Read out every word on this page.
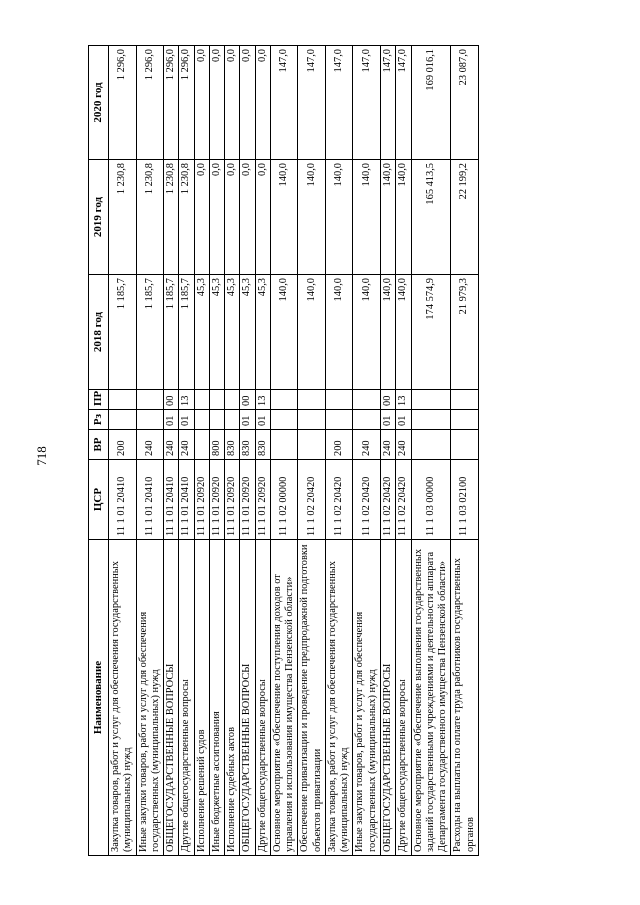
718
Наименование	ЦСР	ВР	Рз	ПР	2018 год	2019 год	2020 год
Закупка товаров, работ и услуг для обеспечения государственных (муниципальных) нужд	11 1 01 20410	200			1 185,7	1 230,8	1 296,0
Иные закупки товаров, работ и услуг для обеспечения государственных (муниципальных) нужд	11 1 01 20410	240			1 185,7	1 230,8	1 296,0
ОБЩЕГОСУДАРСТВЕННЫЕ ВОПРОСЫ	11 1 01 20410	240	01	00	1 185,7	1 230,8	1 296,0
Другие общегосударственные вопросы	11 1 01 20410	240	01	13	1 185,7	1 230,8	1 296,0
Исполнение решений судов	11 1 01 20920				45,3	0,0	0,0
Иные бюджетные ассигнования	11 1 01 20920	800			45,3	0,0	0,0
Исполнение судебных актов	11 1 01 20920	830			45,3	0,0	0,0
ОБЩЕГОСУДАРСТВЕННЫЕ ВОПРОСЫ	11 1 01 20920	830	01	00	45,3	0,0	0,0
Другие общегосударственные вопросы	11 1 01 20920	830	01	13	45,3	0,0	0,0
Основное мероприятие «Обеспечение поступления доходов от управления и использования имущества Пензенской области»	11 1 02 00000				140,0	140,0	147,0
Обеспечение приватизации и проведение предпродажной подготовки объектов приватизации	11 1 02 20420				140,0	140,0	147,0
Закупка товаров, работ и услуг для обеспечения государственных (муниципальных) нужд	11 1 02 20420	200			140,0	140,0	147,0
Иные закупки товаров, работ и услуг для обеспечения государственных (муниципальных) нужд	11 1 02 20420	240			140,0	140,0	147,0
ОБЩЕГОСУДАРСТВЕННЫЕ ВОПРОСЫ	11 1 02 20420	240	01	00	140,0	140,0	147,0
Другие общегосударственные вопросы	11 1 02 20420	240	01	13	140,0	140,0	147,0
Основное мероприятие «Обеспечение выполнения государственных заданий государственными учреждениями и деятельности аппарата Департамента государственного имущества Пензенской области»	11 1 03 00000				174 574,9	165 413,5	169 016,1
Расходы на выплаты по оплате труда работников государственных органов	11 1 03 02100				21 979,3	22 199,2	23 087,0
